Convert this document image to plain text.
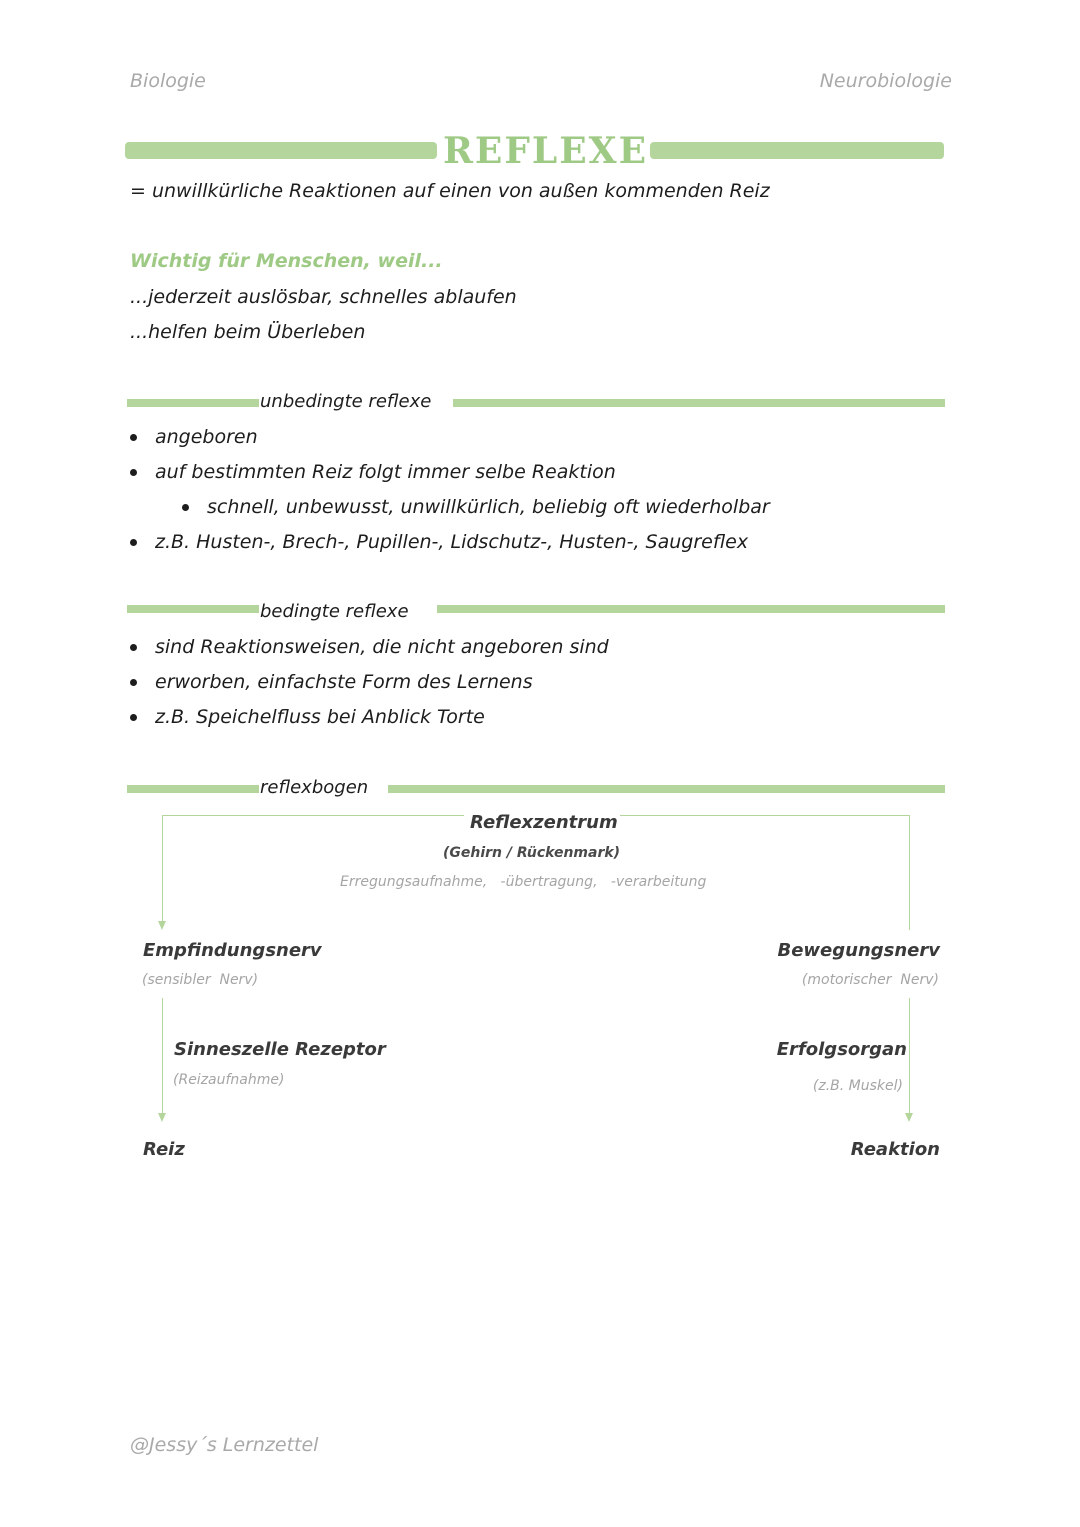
Biologie	Neurobiologie
REFLEXE
= unwillkürliche Reaktionen auf einen von außen kommenden Reiz
Wichtig für Menschen, weil...
...jederzeit auslösbar, schnelles ablaufen
...helfen beim Überleben
unbedingte reflexe
angeboren
auf bestimmten Reiz folgt immer selbe Reaktion
schnell, unbewusst, unwillkürlich, beliebig oft wiederholbar
z.B. Husten-, Brech-, Pupillen-, Lidschutz-, Husten-, Saugreflex
bedingte reflexe
sind Reaktionsweisen, die nicht angeboren sind
erworben, einfachste Form des Lernens
z.B. Speichelfluss bei Anblick Torte
reflexbogen
Reflexzentrum
(Gehirn / Rückenmark)
Erregungsaufnahme,   -übertragung,   -verarbeitung
Empfindungsnerv
(sensibler  Nerv)
Sinneszelle Rezeptor
(Reizaufnahme)
Reiz
Bewegungsnerv
(motorischer  Nerv)
Erfolgsorgan
(z.B. Muskel)
Reaktion
@Jessy´s Lernzettel
